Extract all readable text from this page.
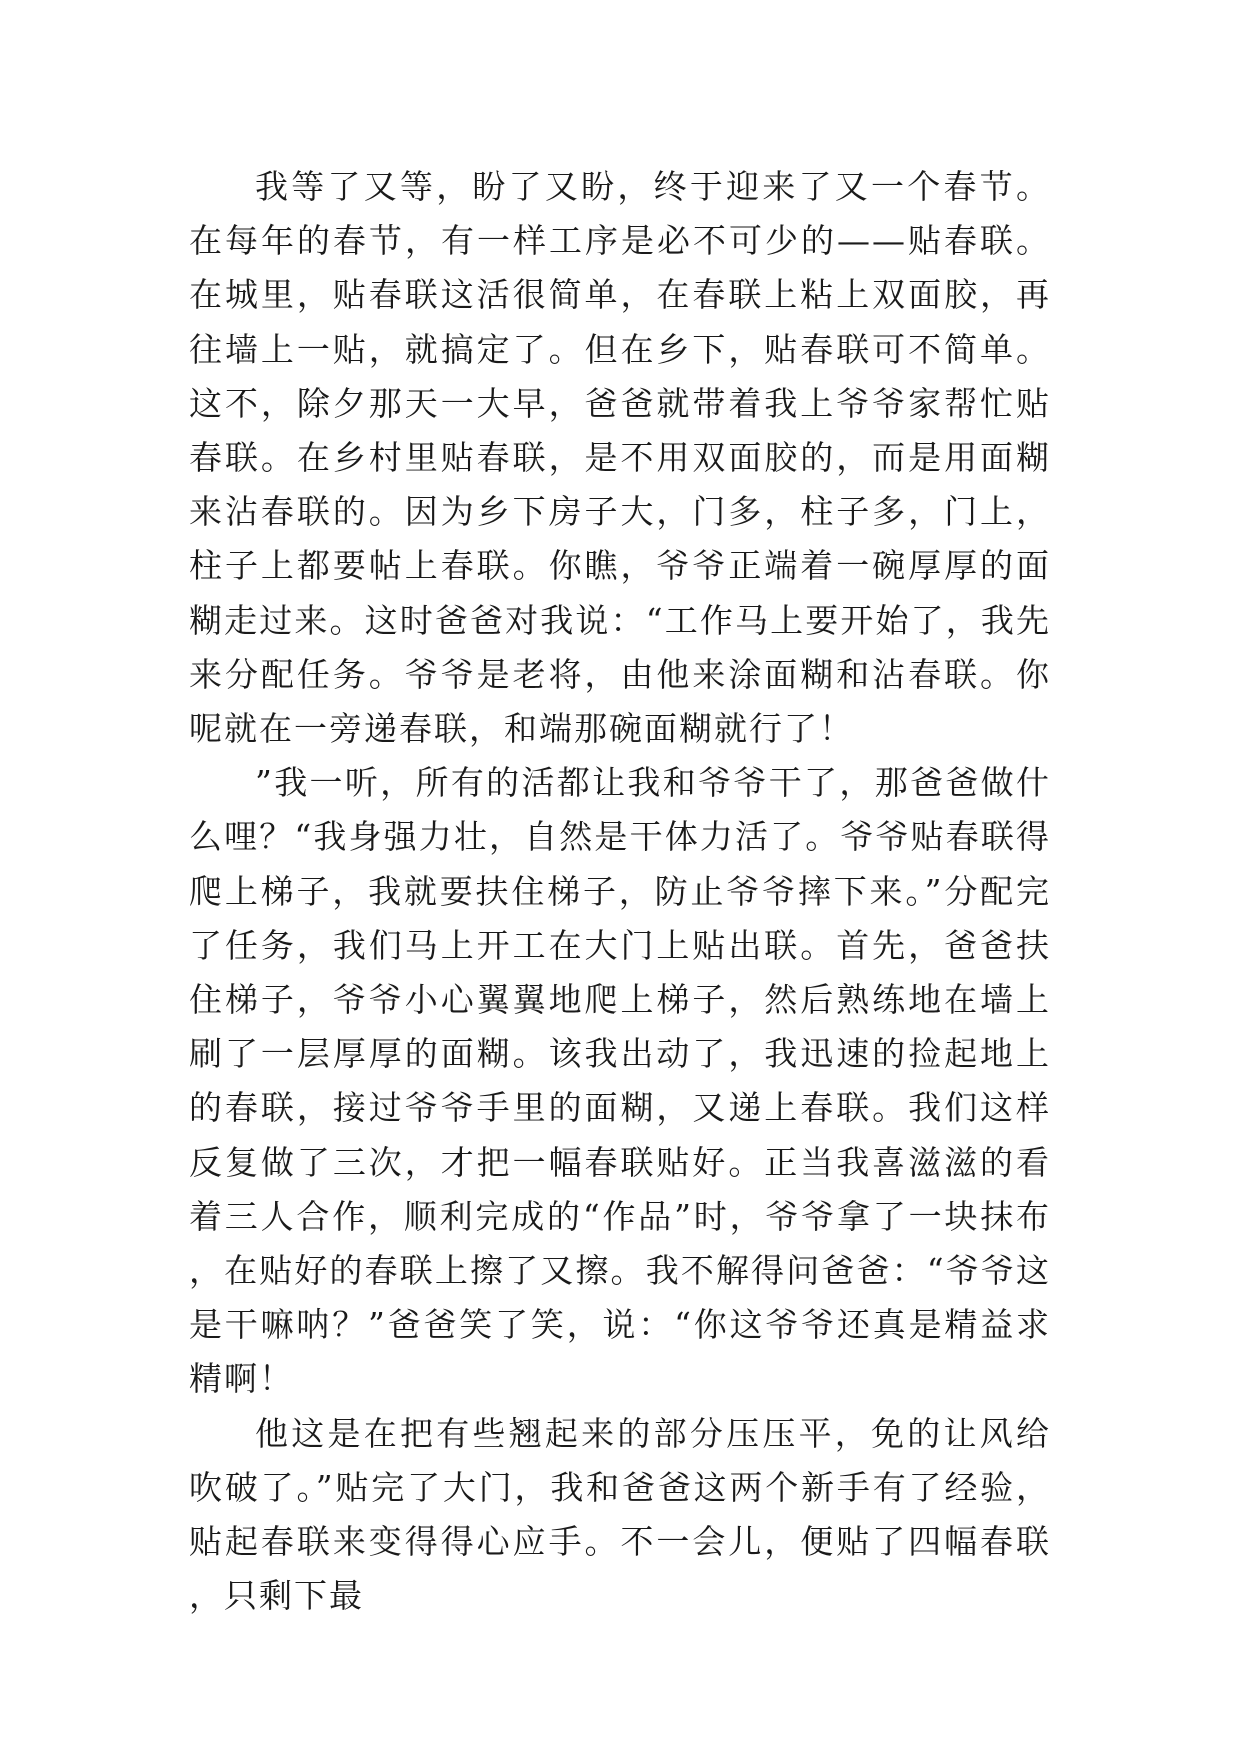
我等了又等，盼了又盼，终于迎来了又一个春节。在每年的春节，有一样工序是必不可少的——贴春联。在城里，贴春联这活很简单，在春联上粘上双面胶，再往墙上一贴，就搞定了。但在乡下，贴春联可不简单。这不，除夕那天一大早，爸爸就带着我上爷爷家帮忙贴春联。在乡村里贴春联，是不用双面胶的，而是用面糊来沾春联的。因为乡下房子大，门多，柱子多，门上，柱子上都要帖上春联。你瞧，爷爷正端着一碗厚厚的面糊走过来。这时爸爸对我说：“工作马上要开始了，我先来分配任务。爷爷是老将，由他来涂面糊和沾春联。你呢就在一旁递春联，和端那碗面糊就行了！

”我一听，所有的活都让我和爷爷干了，那爸爸做什么哩？“我身强力壮，自然是干体力活了。爷爷贴春联得爬上梯子，我就要扶住梯子，防止爷爷摔下来。”分配完了任务，我们马上开工在大门上贴出联。首先，爸爸扶住梯子，爷爷小心翼翼地爬上梯子，然后熟练地在墙上刷了一层厚厚的面糊。该我出动了，我迅速的捡起地上的春联，接过爷爷手里的面糊，又递上春联。我们这样反复做了三次，才把一幅春联贴好。正当我喜滋滋的看着三人合作，顺利完成的“作品”时，爷爷拿了一块抹布，在贴好的春联上擦了又擦。我不解得问爸爸：“爷爷这是干嘛呐？”爸爸笑了笑，说：“你这爷爷还真是精益求精啊！

他这是在把有些翘起来的部分压压平，免的让风给吹破了。”贴完了大门，我和爸爸这两个新手有了经验，贴起春联来变得得心应手。不一会儿，便贴了四幅春联，只剩下最
